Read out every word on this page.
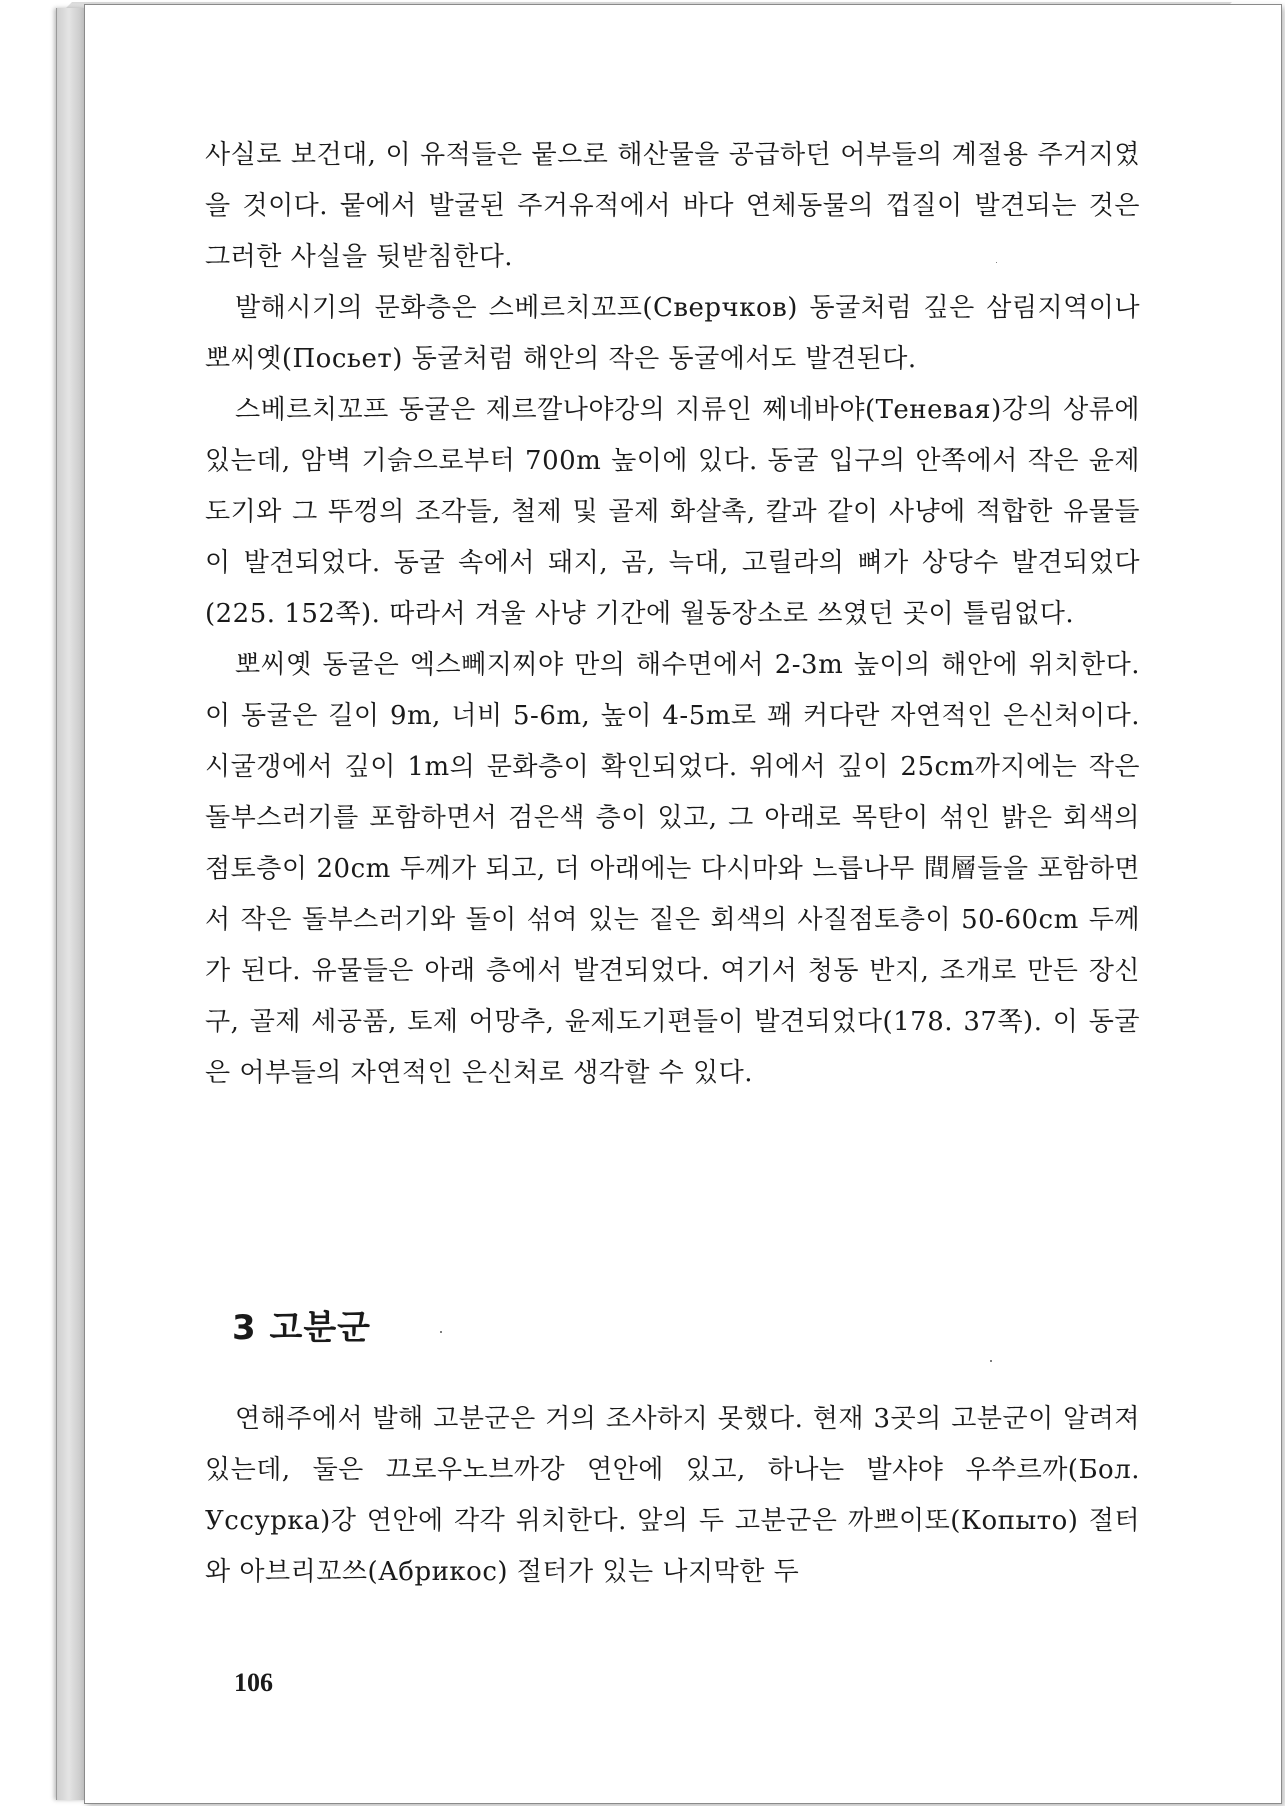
사실로 보건대, 이 유적들은 뭍으로 해산물을 공급하던 어부들의 계절용 주거지였을 것이다. 뭍에서 발굴된 주거유적에서 바다 연체동물의 껍질이 발견되는 것은 그러한 사실을 뒷받침한다.

발해시기의 문화층은 스베르치꼬프(Сверчков) 동굴처럼 깊은 삼림지역이나 뽀씨옛(Посьет) 동굴처럼 해안의 작은 동굴에서도 발견된다.

스베르치꼬프 동굴은 제르깔나야강의 지류인 쩨네바야(Теневая)강의 상류에 있는데, 암벽 기슭으로부터 700m 높이에 있다. 동굴 입구의 안쪽에서 작은 윤제도기와 그 뚜껑의 조각들, 철제 및 골제 화살촉, 칼과 같이 사냥에 적합한 유물들이 발견되었다. 동굴 속에서 돼지, 곰, 늑대, 고릴라의 뼈가 상당수 발견되었다(225. 152쪽). 따라서 겨울 사냥 기간에 월동장소로 쓰였던 곳이 틀림없다.

뽀씨옛 동굴은 엑스뻬지찌야 만의 해수면에서 2-3m 높이의 해안에 위치한다. 이 동굴은 길이 9m, 너비 5-6m, 높이 4-5m로 꽤 커다란 자연적인 은신처이다. 시굴갱에서 깊이 1m의 문화층이 확인되었다. 위에서 깊이 25cm까지에는 작은 돌부스러기를 포함하면서 검은색 층이 있고, 그 아래로 목탄이 섞인 밝은 회색의 점토층이 20cm 두께가 되고, 더 아래에는 다시마와 느릅나무 間層들을 포함하면서 작은 돌부스러기와 돌이 섞여 있는 짙은 회색의 사질점토층이 50-60cm 두께가 된다. 유물들은 아래 층에서 발견되었다. 여기서 청동 반지, 조개로 만든 장신구, 골제 세공품, 토제 어망추, 윤제도기편들이 발견되었다(178. 37쪽). 이 동굴은 어부들의 자연적인 은신처로 생각할 수 있다.

3 고분군

연해주에서 발해 고분군은 거의 조사하지 못했다. 현재 3곳의 고분군이 알려져 있는데, 둘은 끄로우노브까강 연안에 있고, 하나는 발샤야 우쑤르까(Бол. Уссурка)강 연안에 각각 위치한다. 앞의 두 고분군은 까쁘이또(Копыто) 절터와 아브리꼬쓰(Абрикос) 절터가 있는 나지막한 두

106
